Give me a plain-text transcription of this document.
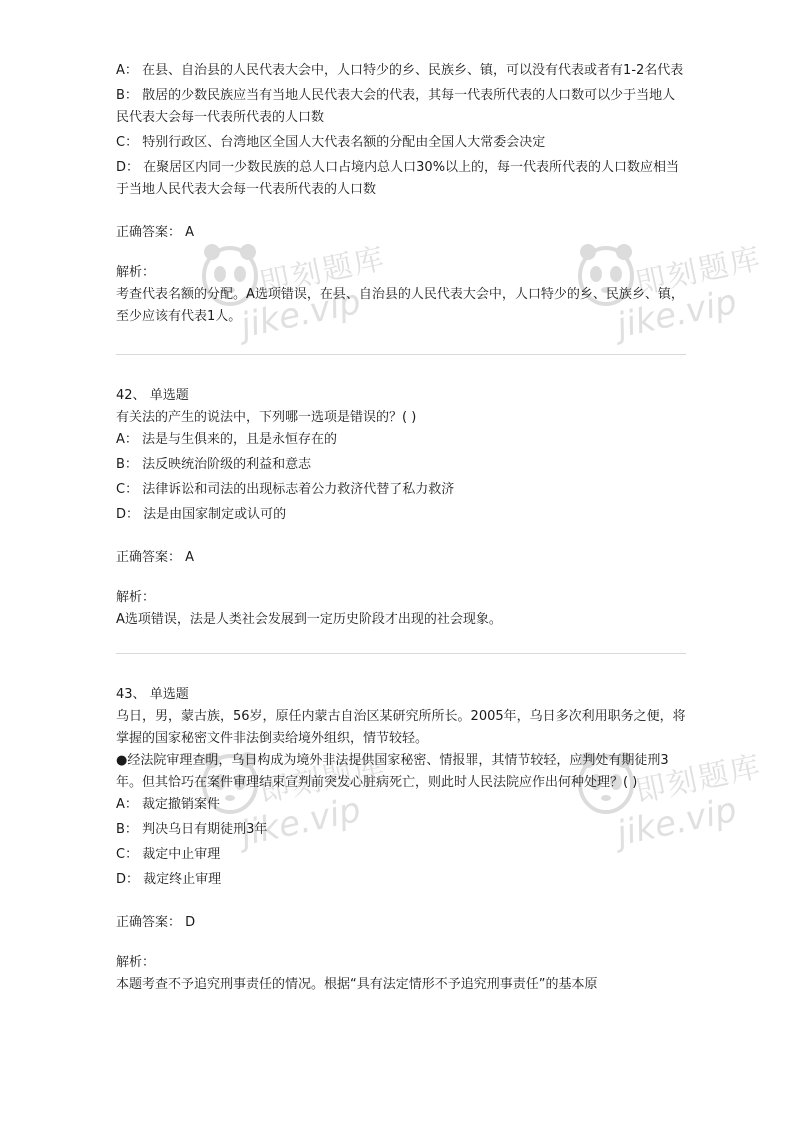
即刻题库
jike.vip
即刻题库
jike.vip
即刻题库
jike.vip
即刻题库
jike.vip

A： 在县、自治县的人民代表大会中，人口特少的乡、民族乡、镇，可以没有代表或者有1-2名代表

B： 散居的少数民族应当有当地人民代表大会的代表，其每一代表所代表的人口数可以少于当地人民代表大会每一代表所代表的人口数

C： 特别行政区、台湾地区全国人大代表名额的分配由全国人大常委会决定

D： 在聚居区内同一少数民族的总人口占境内总人口30%以上的，每一代表所代表的人口数应相当于当地人民代表大会每一代表所代表的人口数

正确答案： A

解析：

考查代表名额的分配。A选项错误，在县、自治县的人民代表大会中，人口特少的乡、民族乡、镇，至少应该有代表1人。

42、 单选题

有关法的产生的说法中，下列哪一选项是错误的？( )

A： 法是与生俱来的，且是永恒存在的

B： 法反映统治阶级的利益和意志

C： 法律诉讼和司法的出现标志着公力救济代替了私力救济

D： 法是由国家制定或认可的

正确答案： A

解析：

A选项错误，法是人类社会发展到一定历史阶段才出现的社会现象。

43、 单选题

乌日，男，蒙古族，56岁，原任内蒙古自治区某研究所所长。2005年，乌日多次利用职务之便，将掌握的国家秘密文件非法倒卖给境外组织，情节较轻。

●经法院审理查明，乌日构成为境外非法提供国家秘密、情报罪，其情节较轻，应判处有期徒刑3年。但其恰巧在案件审理结束宣判前突发心脏病死亡，则此时人民法院应作出何种处理？( )

A： 裁定撤销案件

B： 判决乌日有期徒刑3年

C： 裁定中止审理

D： 裁定终止审理

正确答案： D

解析：

本题考查不予追究刑事责任的情况。根据“具有法定情形不予追究刑事责任”的基本原
